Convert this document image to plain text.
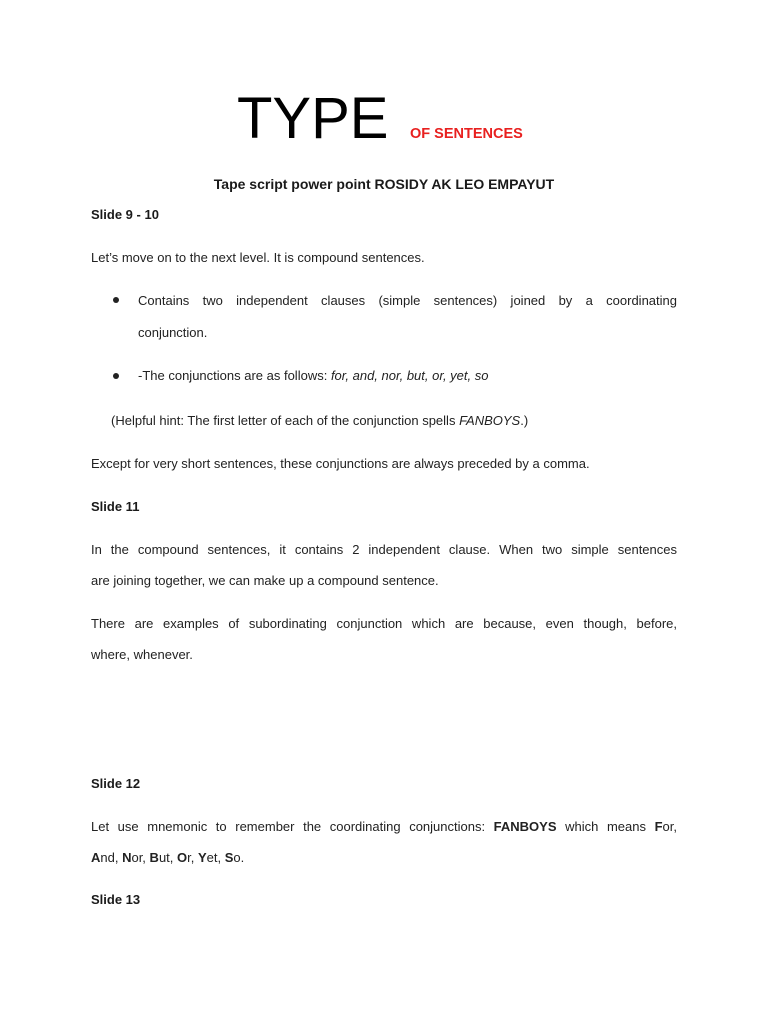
TYPE OF SENTENCES
Tape script power point ROSIDY AK LEO EMPAYUT
Slide 9 - 10
Let’s move on to the next level. It is compound sentences.
Contains two independent clauses (simple sentences) joined by a coordinating
conjunction.
-The conjunctions are as follows: for, and, nor, but, or, yet, so
(Helpful hint: The first letter of each of the conjunction spells FANBOYS.)
Except for very short sentences, these conjunctions are always preceded by a comma.
Slide 11
In the compound sentences, it contains 2 independent clause. When two simple sentences
are joining together, we can make up a compound sentence.
There are examples of subordinating conjunction which are because, even though, before,
where, whenever.
Slide 12
Let use mnemonic to remember the coordinating conjunctions: FANBOYS which means For,
And, Nor, But, Or, Yet, So.
Slide 13
